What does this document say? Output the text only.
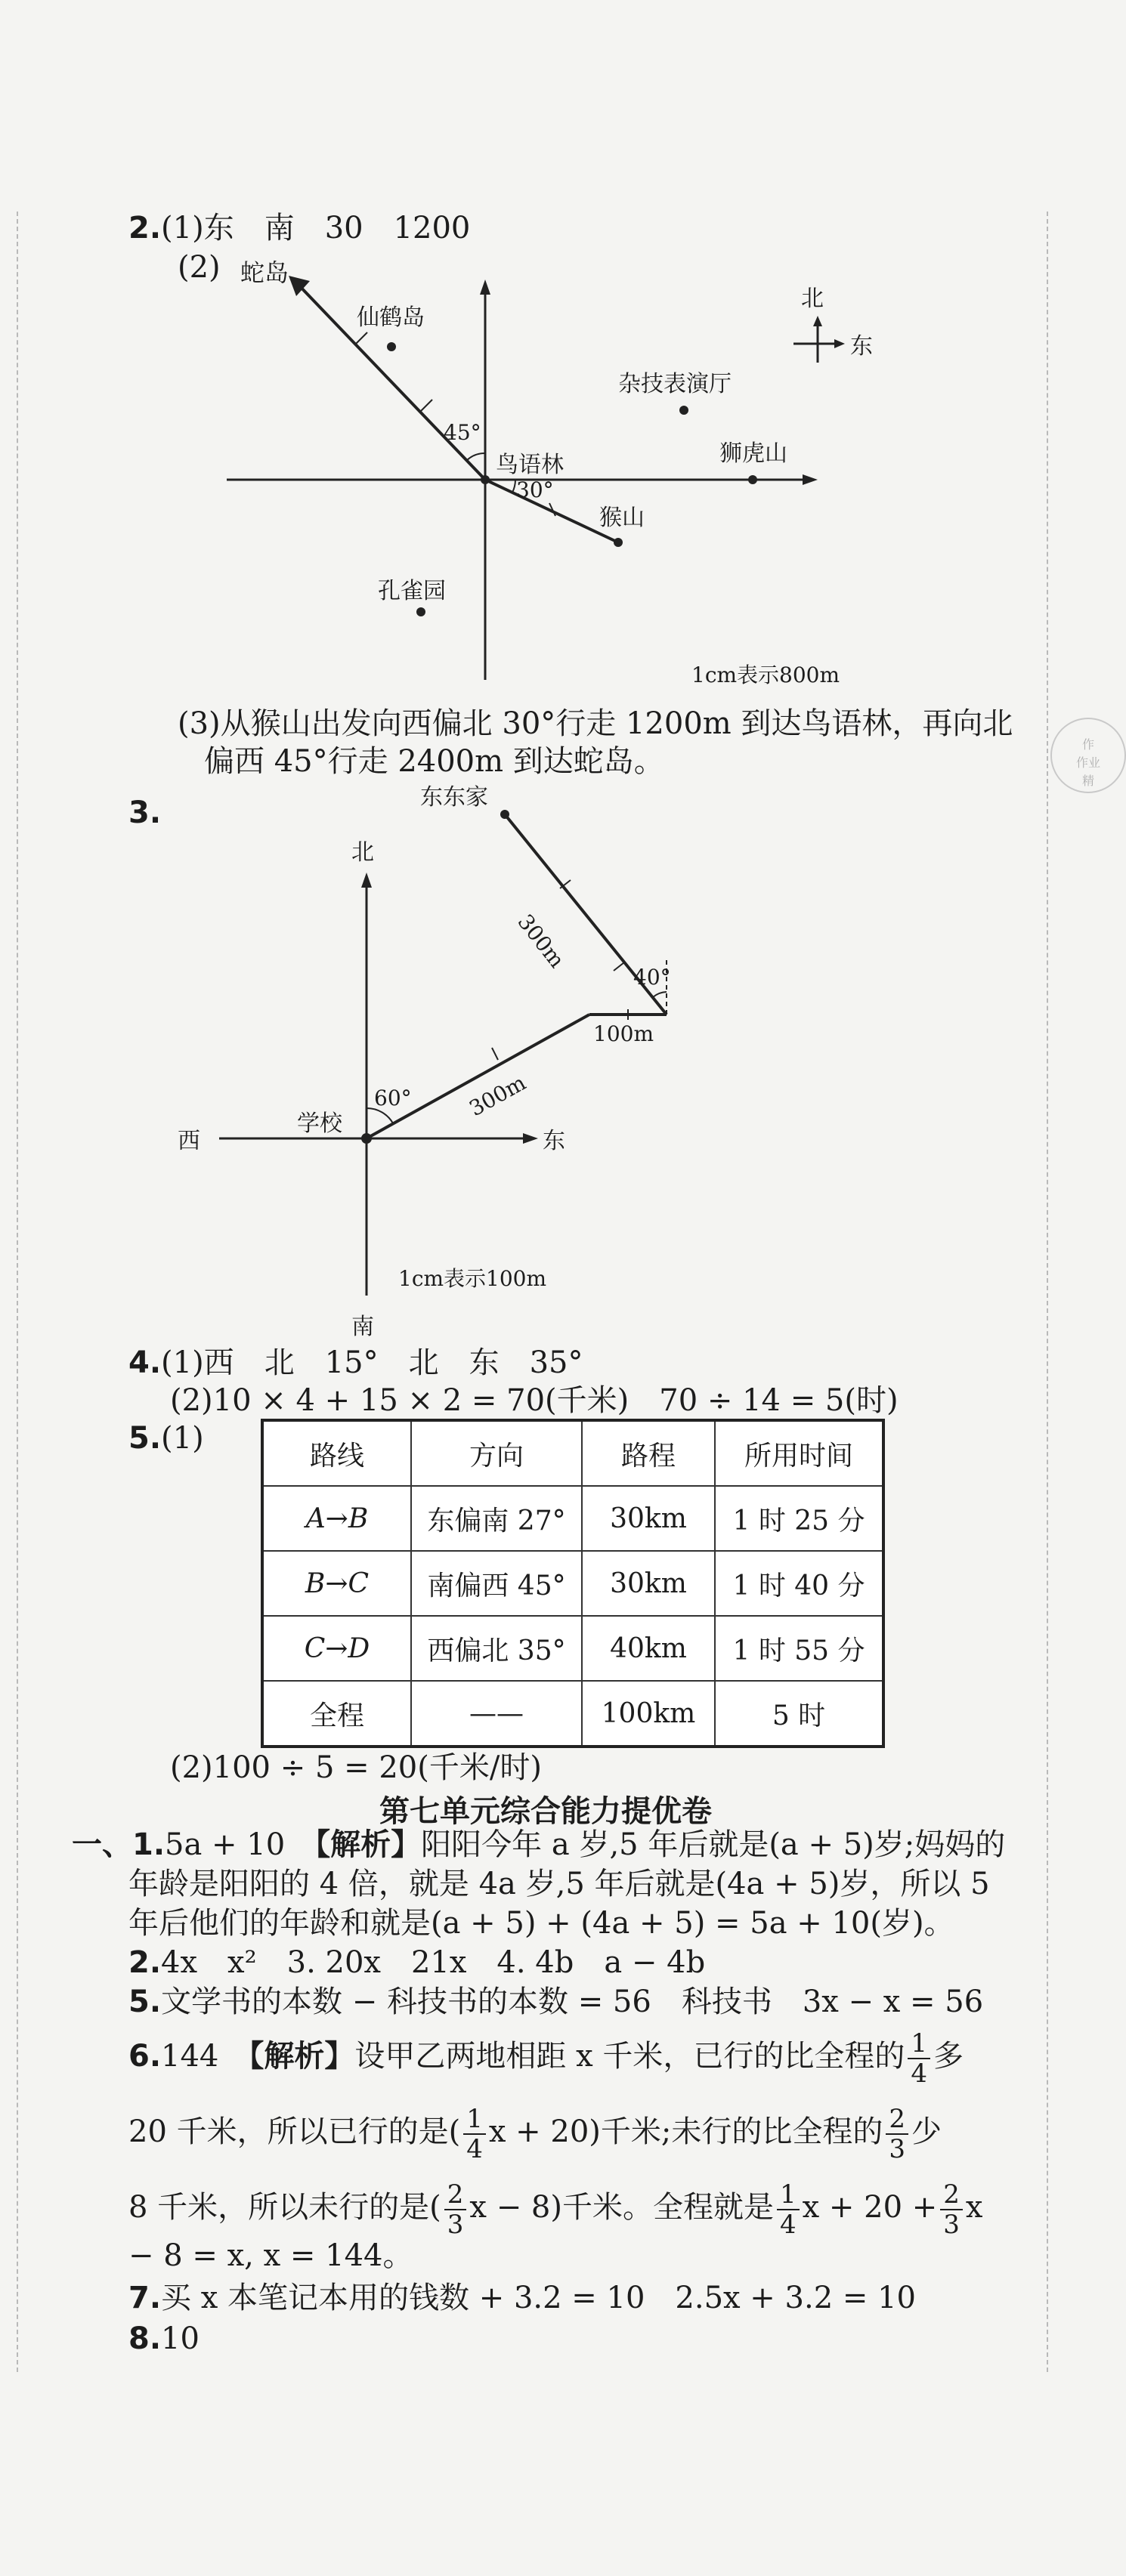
作
作业
精
2.(1)东　南　30　1200
(2) 蛇岛
仙鹤岛
杂技表演厅
狮虎山
鸟语林
猴山
孔雀园
45°
30°
北
东
1cm表示800m
(3)从猴山出发向西偏北 30°行走 1200m 到达鸟语林，再向北
偏西 45°行走 2400m 到达蛇岛。
3.	东东家
北
300m
40°
100m
60°	300m
学校
西	东
1cm表示100m
南
4.(1)西　北　15°　北　东　35°
(2)10 × 4 + 15 × 2 = 70(千米)　70 ÷ 14 = 5(时)
5.(1)	路线	方向	路程	所用时间
A→B	东偏南 27°	30km	1 时 25 分
B→C	南偏西 45°	30km	1 时 40 分
C→D	西偏北 35°	40km	1 时 55 分
全程	——	100km	5 时
(2)100 ÷ 5 = 20(千米/时)
第七单元综合能力提优卷
一、1.5a + 10　 【解析】阳阳今年 a 岁,5 年后就是(a + 5)岁;妈妈的
年龄是阳阳的 4 倍，就是 4a 岁,5 年后就是(4a + 5)岁，所以 5
年后他们的年龄和就是(a + 5) + (4a + 5) = 5a + 10(岁)。
2.4x　x²　3. 20x　21x　4. 4b　a − 4b
5.文学书的本数 − 科技书的本数 = 56　科技书　3x − x = 56
6.144　 【解析】设甲乙两地相距 x 千米，已行的比全程的 $\frac{1}{4}$ 多
20 千米，所以已行的是( $\frac{1}{4}$ x + 20)千米;未行的比全程的 $\frac{2}{3}$ 少
8 千米，所以未行的是( $\frac{2}{3}$ x − 8)千米。全程就是 $\frac{1}{4}$ $x + 20 + \frac{2}{3}$ x
− 8 = x, x = 144。
7.买 x 本笔记本用的钱数 + 3.2 = 10　2.5x + 3.2 = 10
8.10
